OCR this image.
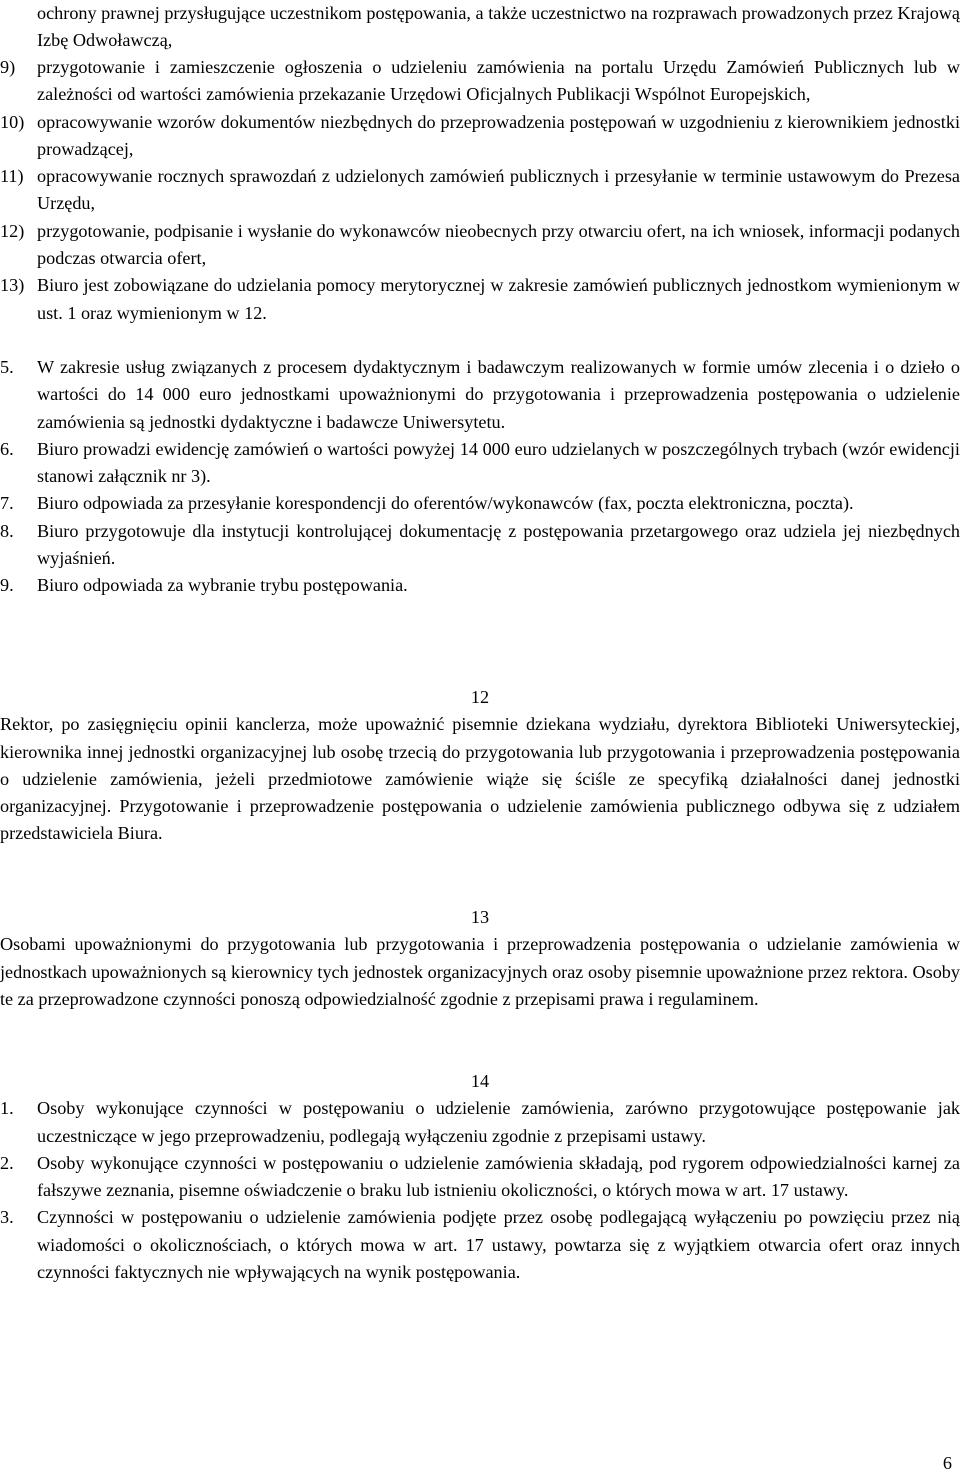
ochrony prawnej przysługujące uczestnikom postępowania, a także uczestnictwo na rozprawach prowadzonych przez Krajową Izbę Odwoławczą,

9)	przygotowanie i zamieszczenie ogłoszenia o udzieleniu zamówienia na portalu Urzędu Zamówień Publicznych lub w zależności od wartości zamówienia przekazanie Urzędowi Oficjalnych Publikacji Wspólnot Europejskich,
10) opracowywanie wzorów dokumentów niezbędnych do przeprowadzenia postępowań w uzgodnieniu z kierownikiem jednostki prowadzącej,
11) opracowywanie rocznych sprawozdań z udzielonych zamówień publicznych i przesyłanie w terminie ustawowym do Prezesa Urzędu,
12) przygotowanie, podpisanie i wysłanie do wykonawców nieobecnych przy otwarciu ofert, na ich wniosek, informacji podanych podczas otwarcia ofert,
13) Biuro jest zobowiązane do udzielania pomocy merytorycznej w zakresie zamówień publicznych jednostkom wymienionym w ust. 1 oraz wymienionym w 12.
5.	W zakresie usług związanych z procesem dydaktycznym i badawczym realizowanych w formie umów zlecenia i o dzieło o wartości do 14 000 euro jednostkami upoważnionymi do przygotowania i przeprowadzenia postępowania o udzielenie zamówienia są jednostki dydaktyczne i badawcze Uniwersytetu.
6.	Biuro prowadzi ewidencję zamówień o wartości powyżej 14 000 euro udzielanych w poszczególnych trybach (wzór ewidencji stanowi załącznik nr 3).
7.	Biuro odpowiada za przesyłanie korespondencji do oferentów/wykonawców (fax, poczta elektroniczna, poczta).
8.	Biuro przygotowuje dla instytucji kontrolującej dokumentację z postępowania przetargowego oraz udziela jej niezbędnych wyjaśnień.
9.	Biuro odpowiada za wybranie trybu postępowania.

12

Rektor, po zasięgnięciu opinii kanclerza, może upoważnić pisemnie dziekana wydziału, dyrektora Biblioteki Uniwersyteckiej, kierownika innej jednostki organizacyjnej lub osobę trzecią do przygotowania lub przygotowania i przeprowadzenia postępowania o udzielenie zamówienia, jeżeli przedmiotowe zamówienie wiąże się ściśle ze specyfiką działalności danej jednostki organizacyjnej. Przygotowanie i przeprowadzenie postępowania o udzielenie zamówienia publicznego odbywa się z udziałem przedstawiciela Biura.

13

Osobami upoważnionymi do przygotowania lub przygotowania i przeprowadzenia postępowania o udzielanie zamówienia w jednostkach upoważnionych są kierownicy tych jednostek organizacyjnych oraz osoby pisemnie upoważnione przez rektora. Osoby te za przeprowadzone czynności ponoszą odpowiedzialność zgodnie z przepisami prawa i regulaminem.

14

1.	Osoby wykonujące czynności w postępowaniu o udzielenie zamówienia, zarówno przygotowujące postępowanie jak uczestniczące w jego przeprowadzeniu, podlegają wyłączeniu zgodnie z przepisami ustawy.
2.	Osoby wykonujące czynności w postępowaniu o udzielenie zamówienia składają, pod rygorem odpowiedzialności karnej za fałszywe zeznania, pisemne oświadczenie o braku lub istnieniu okoliczności, o których mowa w art. 17 ustawy.
3.	Czynności w postępowaniu o udzielenie zamówienia podjęte przez osobę podlegającą wyłączeniu po powzięciu przez nią wiadomości o okolicznościach, o których mowa w art. 17 ustawy, powtarza się z wyjątkiem otwarcia ofert oraz innych czynności faktycznych nie wpływających na wynik postępowania.
6
